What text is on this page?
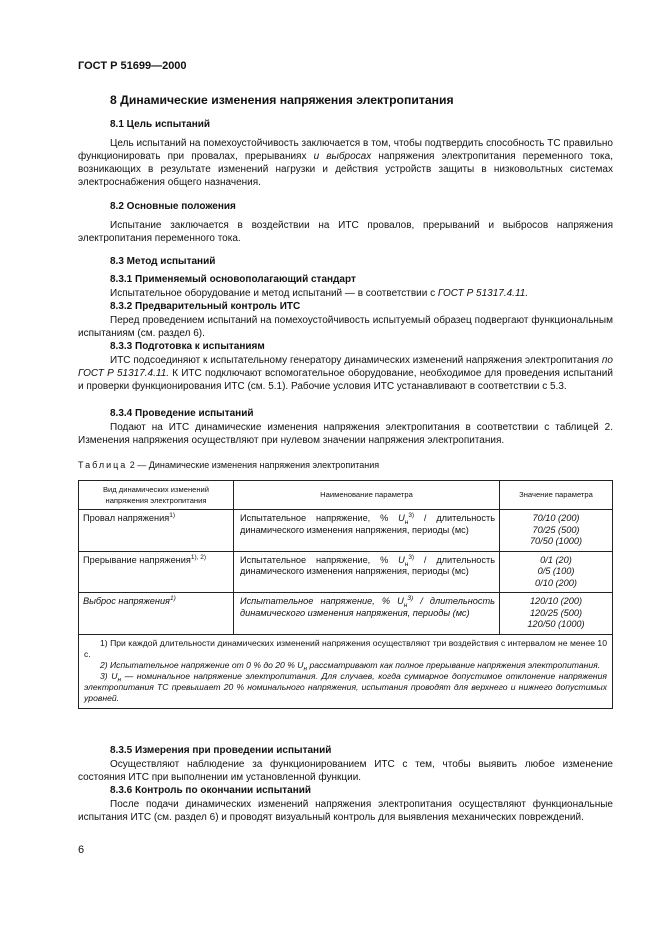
ГОСТ Р 51699—2000
8 Динамические изменения напряжения электропитания
8.1 Цель испытаний
Цель испытаний на помехоустойчивость заключается в том, чтобы подтвердить способность ТС правильно функционировать при провалах, прерываниях и выбросах напряжения электропитания переменного тока, возникающих в результате изменений нагрузки и действия устройств защиты в низковольтных системах электроснабжения общего назначения.
8.2 Основные положения
Испытание заключается в воздействии на ИТС провалов, прерываний и выбросов напряжения электропитания переменного тока.
8.3 Метод испытаний
8.3.1 Применяемый основополагающий стандарт
Испытательное оборудование и метод испытаний — в соответствии с ГОСТ Р 51317.4.11.
8.3.2 Предварительный контроль ИТС
Перед проведением испытаний на помехоустойчивость испытуемый образец подвергают функциональным испытаниям (см. раздел 6).
8.3.3 Подготовка к испытаниям
ИТС подсоединяют к испытательному генератору динамических изменений напряжения электропитания по ГОСТ Р 51317.4.11. К ИТС подключают вспомогательное оборудование, необходимое для проведения испытаний и проверки функционирования ИТС (см. 5.1). Рабочие условия ИТС устанавливают в соответствии с 5.3.
8.3.4 Проведение испытаний
Подают на ИТС динамические изменения напряжения электропитания в соответствии с таблицей 2. Изменения напряжения осуществляют при нулевом значении напряжения электропитания.
Таблица 2 — Динамические изменения напряжения электропитания
Вид динамических изменений напряжения электропитания	Наименование параметра	Значение параметра
Провал напряжения$^{1)}$	Испытательное напряжение, % $U_н^{3)}$ / длительность динамического изменения напряжения, периоды (мс)	70/10 (200)
70/25 (500)
70/50 (1000)

Прерывание напряжения$^{1), 2)}$	Испытательное напряжение, % $U_н^{3)}$ / длительность динамического изменения напряжения, периоды (мс)	0/1 (20)
0/5 (100)
0/10 (200)

Выброс напряжения$^{1)}$	Испытательное напряжение, % $U_н^{3)}$ / длительность динамического изменения напряжения, периоды (мс)	120/10 (200)
120/25 (500)
120/50 (1000)

1) При каждой длительности динамических изменений напряжения осуществляют три воздействия с интервалом не менее 10 с.
2) Испытательное напряжение от 0 % до 20 % $U_н$ рассматривают как полное прерывание напряжения электропитания.
3) $U_н$ — номинальное напряжение электропитания. Для случаев, когда суммарное допустимое отклонение напряжения электропитания ТС превышает 20 % номинального напряжения, испытания проводят для верхнего и нижнего допустимых уровней.		
8.3.5 Измерения при проведении испытаний
Осуществляют наблюдение за функционированием ИТС с тем, чтобы выявить любое изменение состояния ИТС при выполнении им установленной функции.
8.3.6 Контроль по окончании испытаний
После подачи динамических изменений напряжения электропитания осуществляют функциональные испытания ИТС (см. раздел 6) и проводят визуальный контроль для выявления механических повреждений.
6
